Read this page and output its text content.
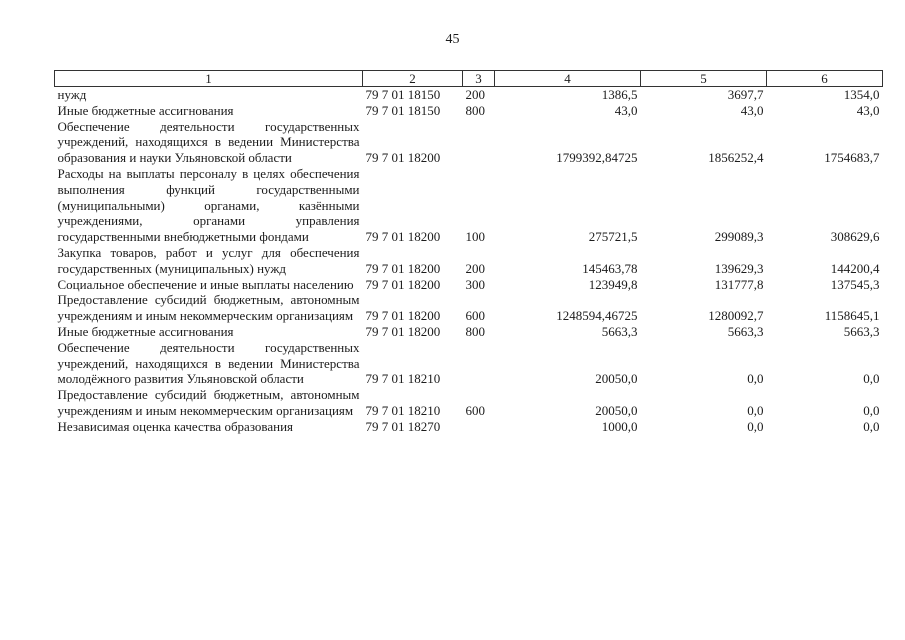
45
1	2	3	4	5	6
нужд	79 7 01 18150	200	1386,5	3697,7	1354,0
Иные бюджетные ассигнования	79 7 01 18150	800	43,0	43,0	43,0
Обеспечение деятельности государственных учреждений, находящихся в ведении Министерства образования и науки Ульяновской области	79 7 01 18200		1799392,84725	1856252,4	1754683,7
Расходы на выплаты персоналу в целях обеспечения выполнения функций государственными (муниципальными) органами, казёнными учреждениями, органами управления государственными внебюджетными фондами	79 7 01 18200	100	275721,5	299089,3	308629,6
Закупка товаров, работ и услуг для обеспечения государственных (муниципальных) нужд	79 7 01 18200	200	145463,78	139629,3	144200,4
Социальное обеспечение и иные выплаты населению	79 7 01 18200	300	123949,8	131777,8	137545,3
Предоставление субсидий бюджетным, автономным учреждениям и иным некоммерческим организациям	79 7 01 18200	600	1248594,46725	1280092,7	1158645,1
Иные бюджетные ассигнования	79 7 01 18200	800	5663,3	5663,3	5663,3
Обеспечение деятельности государственных учреждений, находящихся в ведении Министерства молодёжного развития Ульяновской области	79 7 01 18210		20050,0	0,0	0,0
Предоставление субсидий бюджетным, автономным учреждениям и иным некоммерческим организациям	79 7 01 18210	600	20050,0	0,0	0,0
Независимая оценка качества образования	79 7 01 18270		1000,0	0,0	0,0
